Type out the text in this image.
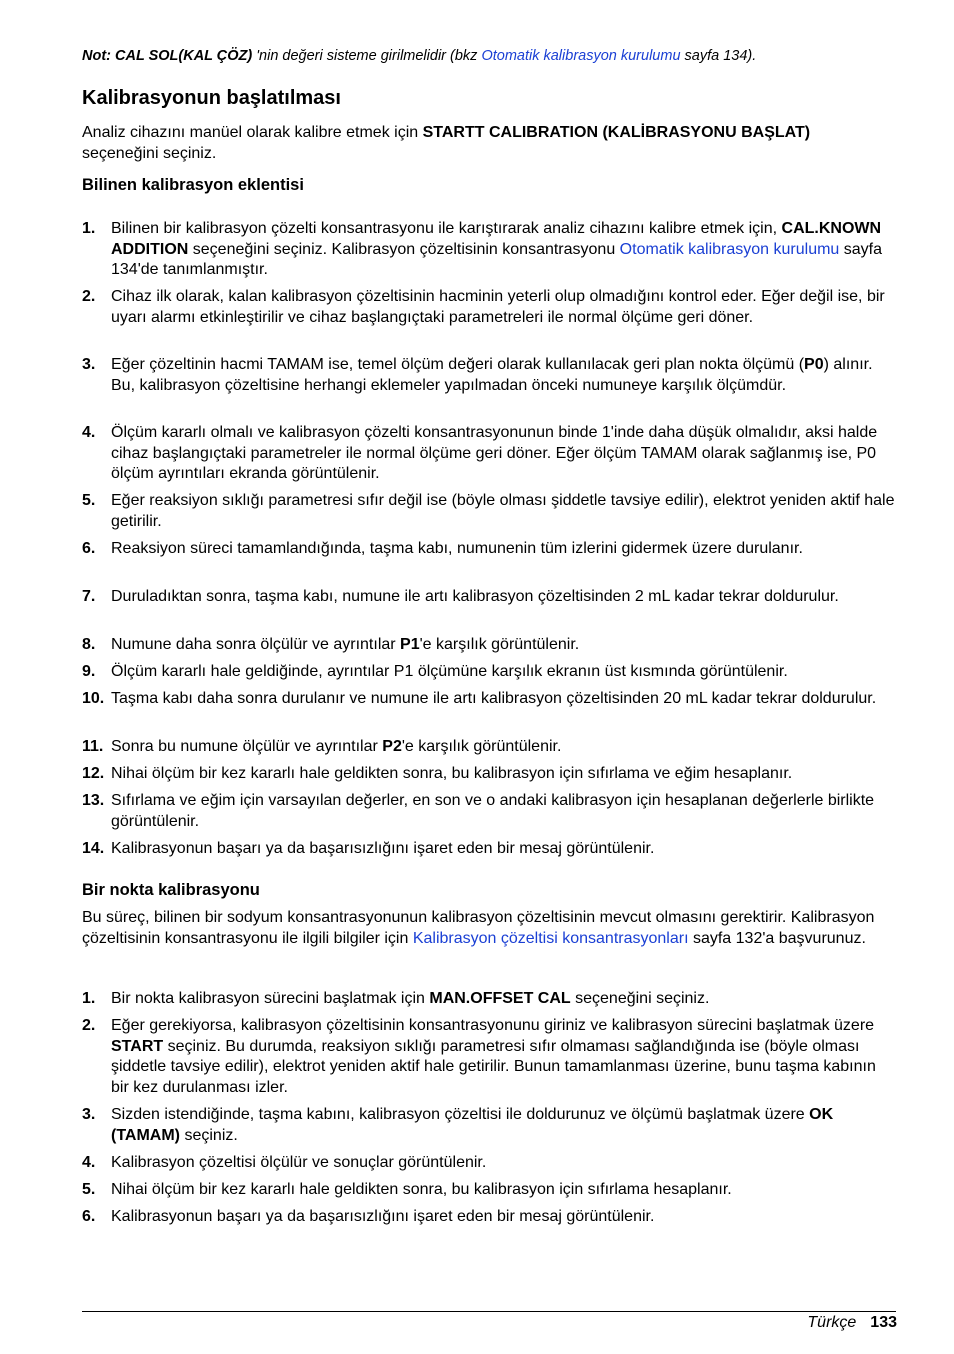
Not: CAL SOL(KAL ÇÖZ) 'nin değeri sisteme girilmelidir (bkz Otomatik kalibrasyon kurulumu sayfa 134).
Kalibrasyonun başlatılması

Analiz cihazını manüel olarak kalibre etmek için STARTT CALIBRATION (KALİBRASYONU BAŞLAT) seçeneğini seçiniz.

Bilinen kalibrasyon eklentisi
1. Bilinen bir kalibrasyon çözelti konsantrasyonu ile karıştırarak analiz cihazını kalibre etmek için, CAL.KNOWN ADDITION seçeneğini seçiniz. Kalibrasyon çözeltisinin konsantrasyonu Otomatik kalibrasyon kurulumu sayfa 134'de tanımlanmıştır.
2. Cihaz ilk olarak, kalan kalibrasyon çözeltisinin hacminin yeterli olup olmadığını kontrol eder. Eğer değil ise, bir uyarı alarmı etkinleştirilir ve cihaz başlangıçtaki parametreleri ile normal ölçüme geri döner.
3. Eğer çözeltinin hacmi TAMAM ise, temel ölçüm değeri olarak kullanılacak geri plan nokta ölçümü (P0) alınır. Bu, kalibrasyon çözeltisine herhangi eklemeler yapılmadan önceki numuneye karşılık ölçümdür.
4. Ölçüm kararlı olmalı ve kalibrasyon çözelti konsantrasyonunun binde 1'inde daha düşük olmalıdır, aksi halde cihaz başlangıçtaki parametreler ile normal ölçüme geri döner. Eğer ölçüm TAMAM olarak sağlanmış ise, P0 ölçüm ayrıntıları ekranda görüntülenir.
5. Eğer reaksiyon sıklığı parametresi sıfır değil ise (böyle olması şiddetle tavsiye edilir), elektrot yeniden aktif hale getirilir.
6. Reaksiyon süreci tamamlandığında, taşma kabı, numunenin tüm izlerini gidermek üzere durulanır.
7. Duruladıktan sonra, taşma kabı, numune ile artı kalibrasyon çözeltisinden 2 mL kadar tekrar doldurulur.
8. Numune daha sonra ölçülür ve ayrıntılar P1'e karşılık görüntülenir.
9. Ölçüm kararlı hale geldiğinde, ayrıntılar P1 ölçümüne karşılık ekranın üst kısmında görüntülenir.
10. Taşma kabı daha sonra durulanır ve numune ile artı kalibrasyon çözeltisinden 20 mL kadar tekrar doldurulur.
11. Sonra bu numune ölçülür ve ayrıntılar P2'e karşılık görüntülenir.
12. Nihai ölçüm bir kez kararlı hale geldikten sonra, bu kalibrasyon için sıfırlama ve eğim hesaplanır.
13. Sıfırlama ve eğim için varsayılan değerler, en son ve o andaki kalibrasyon için hesaplanan değerlerle birlikte görüntülenir.
14. Kalibrasyonun başarı ya da başarısızlığını işaret eden bir mesaj görüntülenir.
Bir nokta kalibrasyonu

Bu süreç, bilinen bir sodyum konsantrasyonunun kalibrasyon çözeltisinin mevcut olmasını gerektirir. Kalibrasyon çözeltisinin konsantrasyonu ile ilgili bilgiler için Kalibrasyon çözeltisi konsantrasyonları sayfa 132'a başvurunuz.

1. Bir nokta kalibrasyon sürecini başlatmak için MAN.OFFSET CAL seçeneğini seçiniz.
2. Eğer gerekiyorsa, kalibrasyon çözeltisinin konsantrasyonunu giriniz ve kalibrasyon sürecini başlatmak üzere START seçiniz. Bu durumda, reaksiyon sıklığı parametresi sıfır olmaması sağlandığında ise (böyle olması şiddetle tavsiye edilir), elektrot yeniden aktif hale getirilir. Bunun tamamlanması üzerine, bunu taşma kabının bir kez durulanması izler.
3. Sizden istendiğinde, taşma kabını, kalibrasyon çözeltisi ile doldurunuz ve ölçümü başlatmak üzere OK (TAMAM) seçiniz.
4. Kalibrasyon çözeltisi ölçülür ve sonuçlar görüntülenir.
5. Nihai ölçüm bir kez kararlı hale geldikten sonra, bu kalibrasyon için sıfırlama hesaplanır.
6. Kalibrasyonun başarı ya da başarısızlığını işaret eden bir mesaj görüntülenir.
Türkçe 133
